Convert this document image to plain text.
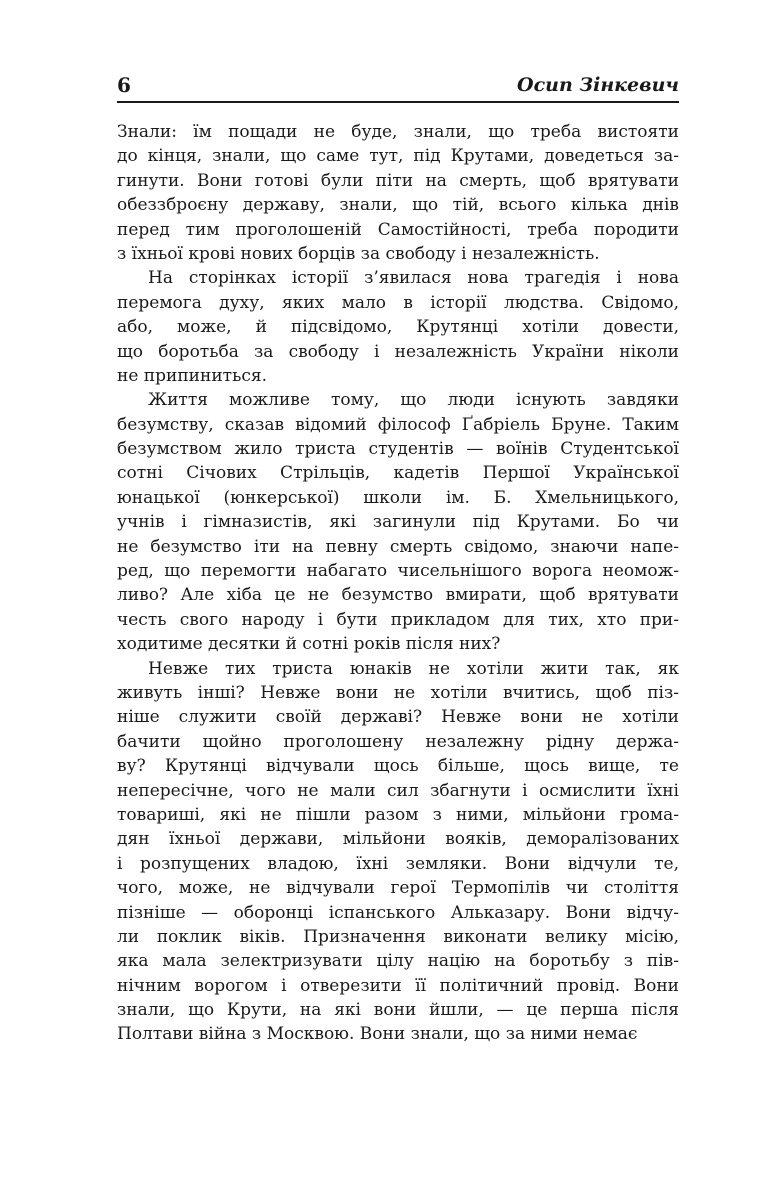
6	Осип Зінкевич
Знали: їм пощади не буде, знали, що треба вистояти
до кінця, знали, що саме тут, під Крутами, доведеться за-
гинути. Вони готові були піти на смерть, щоб врятувати
обеззброєну державу, знали, що тій, всього кілька днів
перед тим проголошеній Самостійності, треба породити
з їхньої крові нових борців за свободу і незалежність.
На сторінках історії з’явилася нова трагедія і нова
перемога духу, яких мало в історії людства. Свідомо,
або, може, й підсвідомо, Крутянці хотіли довести,
що боротьба за свободу і незалежність України ніколи
не припиниться.
Життя можливе тому, що люди існують завдяки
безумству, сказав відомий філософ Ґабріель Бруне. Таким
безумством жило триста студентів — воїнів Студентської
сотні Січових Стрільців, кадетів Першої Української
юнацької (юнкерської) школи ім. Б. Хмельницького,
учнів і гімназистів, які загинули під Крутами. Бо чи
не безумство іти на певну смерть свідомо, знаючи напе-
ред, що перемогти набагато чисельнішого ворога неомож-
ливо? Але хіба це не безумство вмирати, щоб врятувати
честь свого народу і бути прикладом для тих, хто при-
ходитиме десятки й сотні років після них?
Невже тих триста юнаків не хотіли жити так, як
живуть інші? Невже вони не хотіли вчитись, щоб піз-
ніше служити своїй державі? Невже вони не хотіли
бачити щойно проголошену незалежну рідну держа-
ву? Крутянці відчували щось більше, щось вище, те
непересічне, чого не мали сил збагнути і осмислити їхні
товариші, які не пішли разом з ними, мільйони грома-
дян їхньої держави, мільйони вояків, деморалізованих
і розпущених владою, їхні земляки. Вони відчули те,
чого, може, не відчували герої Термопілів чи століття
пізніше — оборонці іспанського Альказару. Вони відчу-
ли поклик віків. Призначення виконати велику місію,
яка мала зелектризувати цілу націю на боротьбу з пів-
нічним ворогом і отверезити її політичний провід. Вони
знали, що Крути, на які вони йшли, — це перша після
Полтави війна з Москвою. Вони знали, що за ними немає
